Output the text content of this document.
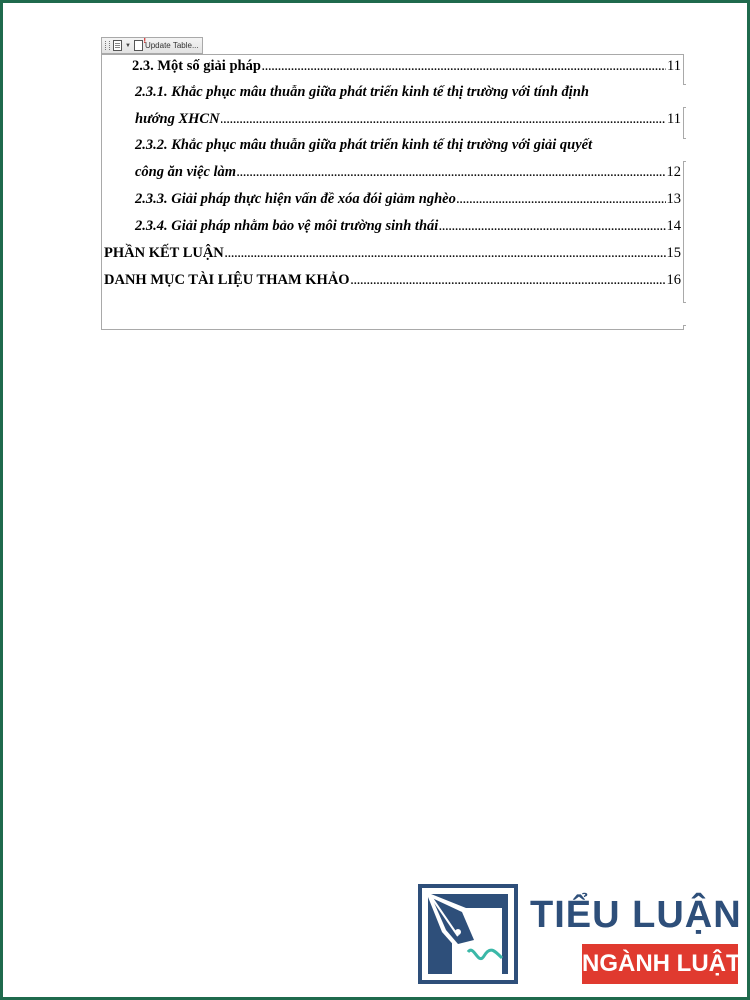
▼ ! Update Table...
2.3. Một số giải pháp .....	11
2.3.1. Khắc phục mâu thuẫn giữa phát triển kinh tế thị trường với tính định
hướng XHCN .....	11
2.3.2. Khắc phục mâu thuẫn giữa phát triển kinh tế thị trường với giải quyết
công ăn việc làm .....	12
2.3.3. Giải pháp thực hiện vấn đề xóa đói giảm nghèo .....	13
2.3.4. Giải pháp nhằm bảo vệ môi trường sinh thái .....	14
PHẦN KẾT LUẬN .....	15
DANH MỤC TÀI LIỆU THAM KHẢO .....	16
TIỂU LUẬN
NGÀNH LUẬT
